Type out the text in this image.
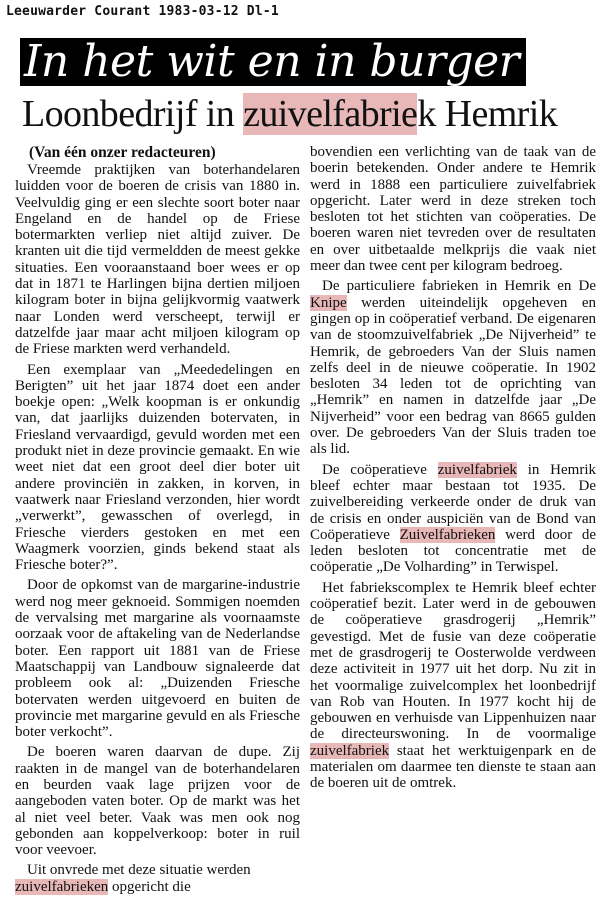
Leeuwarder Courant 1983-03-12 Dl-1
In het wit en in burger
Loonbedrijf in zuivelfabriek Hemrik
(Van één onzer redacteuren)

Vreemde praktijken van boterhandelaren luidden voor de boeren de crisis van 1880 in. Veelvuldig ging er een slechte soort boter naar Engeland en de handel op de Friese botermarkten verliep niet altijd zuiver. De kranten uit die tijd vermeldden de meest gekke situaties. Een vooraanstaand boer wees er op dat in 1871 te Harlingen bijna dertien miljoen kilogram boter in bijna gelijkvormig vaatwerk naar Londen werd verscheept, terwijl er datzelfde jaar maar acht miljoen kilogram op de Friese markten werd verhandeld.

Een exemplaar van „Meededelingen en Berigten” uit het jaar 1874 doet een ander boekje open: „Welk koopman is er onkundig van, dat jaarlijks duizenden botervaten, in Friesland vervaardigd, gevuld worden met een produkt niet in deze provincie gemaakt. En wie weet niet dat een groot deel dier boter uit andere provinciën in zakken, in korven, in vaatwerk naar Friesland verzonden, hier wordt „verwerkt”, gewasschen of overlegd, in Friesche vierders gestoken en met een Waagmerk voorzien, ginds bekend staat als Friesche boter?”.

Door de opkomst van de margarine-industrie werd nog meer geknoeid. Sommigen noemden de vervalsing met margarine als voornaamste oorzaak voor de aftakeling van de Nederlandse boter. Een rapport uit 1881 van de Friese Maatschappij van Landbouw signaleerde dat probleem ook al: „Duizenden Friesche botervaten werden uitgevoerd en buiten de provincie met margarine gevuld en als Friesche boter verkocht”.

De boeren waren daarvan de dupe. Zij raakten in de mangel van de boterhandelaren en beurden vaak lage prijzen voor de aangeboden vaten boter. Op de markt was het al niet veel beter. Vaak was men ook nog gebonden aan koppelverkoop: boter in ruil voor veevoer.

Uit onvrede met deze situatie werden
zuivelfabrieken opgericht die

bovendien een verlichting van de taak van de boerin betekenden. Onder andere te Hemrik werd in 1888 een particuliere zuivelfabriek opgericht. Later werd in deze streken toch besloten tot het stichten van coöperaties. De boeren waren niet tevreden over de resultaten en over uitbetaalde melkprijs die vaak niet meer dan twee cent per kilogram bedroeg.

De particuliere fabrieken in Hemrik en De Knipe werden uiteindelijk opgeheven en gingen op in coöperatief verband. De eigenaren van de stoomzuivelfabriek „De Nijverheid” te Hemrik, de gebroeders Van der Sluis namen zelfs deel in de nieuwe coöperatie. In 1902 besloten 34 leden tot de oprichting van „Hemrik” en namen in datzelfde jaar „De Nijverheid” voor een bedrag van 8665 gulden over. De gebroeders Van der Sluis traden toe als lid.

De coöperatieve zuivelfabriek in Hemrik bleef echter maar bestaan tot 1935. De zuivelbereiding verkeerde onder de druk van de crisis en onder auspiciën van de Bond van Coöperatieve Zuivelfabrieken werd door de leden besloten tot concentratie met de coöperatie „De Volharding” in Terwispel.

Het fabriekscomplex te Hemrik bleef echter coöperatief bezit. Later werd in de gebouwen de coöperatieve grasdrogerij „Hemrik” gevestigd. Met de fusie van deze coöperatie met de grasdrogerij te Oosterwolde verdween deze activiteit in 1977 uit het dorp. Nu zit in het voormalige zuivelcomplex het loonbedrijf van Rob van Houten. In 1977 kocht hij de gebouwen en verhuisde van Lippenhuizen naar de directeurswoning. In de voormalige zuivelfabriek staat het werktuigenpark en de materialen om daarmee ten dienste te staan aan de boeren uit de omtrek.
